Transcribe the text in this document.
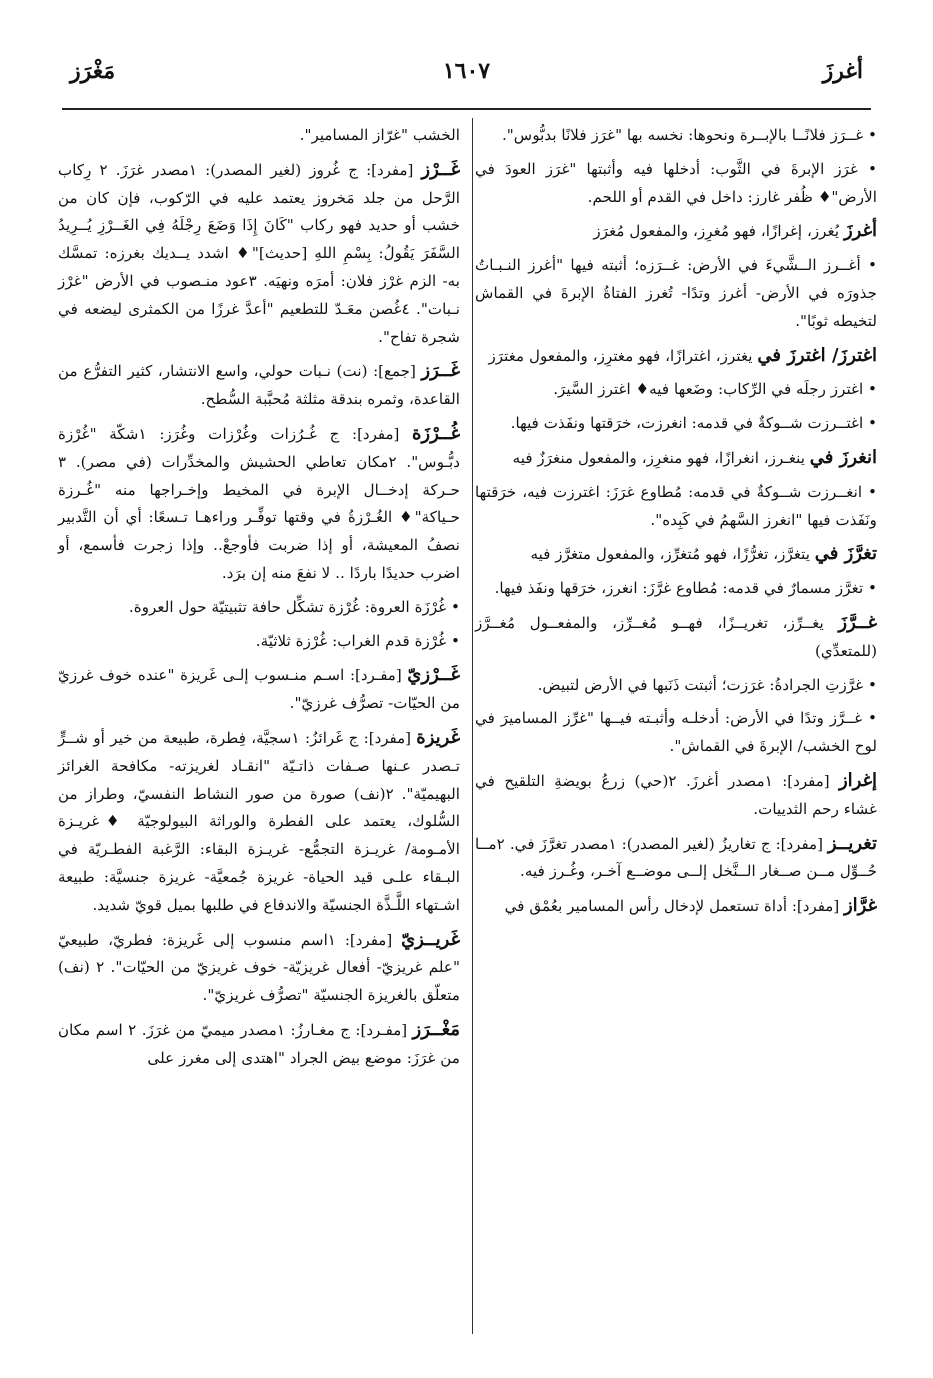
أغرزَ
١٦٠٧
مَغْرَز

• غــرَز فلانًــا بالإبــرة ونحوها: نخسه بها "غرَز فلانًا بدبُّوس".

• غرَز الإبرةَ في الثَّوب: أدخلها فيه وأثبتها "غرَز العودَ في الأرض"♦ ظُفر غارز: داخل في القدم أو اللحم.

أغرزَ يُغرز، إغرازًا، فهو مُغرِز، والمفعول مُغرَز

• أغــرز الــشَّيءَ في الأرض: غــرَزه؛ أثبته فيها "أغرز النـبـاتُ جذورَه في الأرض- أغرز وتدًا- تُغرز الفتاةُ الإبرةَ في القماش لتخيطه ثوبًا".

اغترزَ/ اغترزَ في يغترز، اغترازًا، فهو مغترِز، والمفعول مغترَز

• اغترز رجلَه في الرِّكاب: وضَعها فيه♦ اغترز السَّيرَ.

• اغتــرزت شــوكةٌ في قدمه: انغرزت، خرَقتها ونفَذت فيها.

انغرزَ في ينغـرز، انغرازًا، فهو منغرِز، والمفعول منغرَزٌ فيه

• انغــرزت شــوكةٌ في قدمه: مُطاوع غرَزَ: اغترزت فيه، خرَقتها ونَفَذت فيها "انغرز السَّهمُ في كَبِده".

تغرَّزَ في يتغرَّز، تغرُّزًا، فهو مُتغرِّز، والمفعول متغرَّز فيه

• تغرَّز مسمارٌ في قدمه: مُطاوع غرَّزَ: انغرز، خرَقها ونفَذ فيها.

غــرَّزَ يغــرِّز، تغريــزًا، فهــو مُغــرِّز، والمفعــول مُغــرَّز (للمتعدِّي)

• غرَّزتِ الجرادةُ: غرَزت؛ أثبتت ذَنَبها في الأرض لتبيض.

• غــرَّز وتدًا في الأرض: أدخلـه وأثبـته فيــها "غرِّز المساميرَ في لوح الخشب/ الإبرةَ في القماش".

إغراز [مفرد]: ١مصدر أغرزَ. ٢(حي) زرعُ بويضةِ التلقيح في غشاء رحم الثدييات.

تغريــز [مفرد]: ج تغاريزُ (لغير المصدر): ١مصدر تغرَّزَ في. ٢مــا حُــوِّل مــن صــغار الــنَّخل إلــى موضــع آخـر، وغُـرز فيه.

غرَّاز [مفرد]: أداة تستعمل لإدخال رأس المسامير بعُمْق في

الخشب "غرّاز المسامير".

غَــرْز [مفرد]: ج غُروز (لغير المصدر): ١مصدر غرَزَ. ٢ رِكاب الرَّحل من جلد مَخروز يعتمد عليه في الرّكوب، فإن كان من خشب أو حديد فهو ركاب "كَانَ إِذَا وَضَعَ رِجْلَهُ فِي الغَــرْزِ يُــرِيدُ السَّفَرَ يَقُولُ: بِسْمِ اللهِ [حديث]"♦ اشدد يــديك بغرزه: تمسَّك به- الزم غرْز فلان: أمرَه ونهيَه. ٣عود منـصوب في الأرض "غرْز نـبات". ٤غُصن معَـدّ للتطعيم "أعدَّ غرزًا من الكمثرى ليضعه في شجرة تفاح".

غَــرَز [جمع]: (نت) نـبات حولي، واسع الانتشار، كثير التفرُّع من القاعدة، وثمره بندقة مثلثة مُحبَّبة السُّطح.

غُــرْزَة [مفرد]: ج غُـرُزات وغُرْزات وغُرَز: ١شكّة "غُرْزة دبُّـوس". ٢مكان تعاطي الحشيش والمخدِّرات (في مصر). ٣ حـركة إدخــال الإبرة في المخيط وإخـراجها منه "غُـرزة حـياكة"♦ الغُـرْزةُ في وقتها توفِّـر وراءهـا تـسعًا: أي أن التَّدبير نصفُ المعيشة، أو إذا ضربت فأوجعْ.. وإذا زجرت فأسمع، أو اضرب حديدًا باردًا .. لا نفعَ منه إن برَد.

• غُرْزَة العروة: غُرْزة تشكِّل حافة تثبيتيّة حول العروة.

• غُرْزة قدم الغراب: غُرْزة ثلاثيّة.

غَــرْزيّ [مفـرد]: اسـم منـسوب إلـى غَريزة "عنده خوف غرزيّ من الحيّات- تصرُّف غرزيّ".

غَريزة [مفرد]: ج غَرائزُ: ١سجيَّة، فِطرة، طبيعة من خير أو شــرٍّ تـصدر عـنها صـفات ذاتـيّة "انقـاد لغريزته- مكافحة الغرائز البهيميّة". ٢(نف) صورة من صور النشاط النفسيّ، وطراز من السُّلوك، يعتمد على الفطرة والوراثة البيولوجيّة ♦غريـزة الأمـومة/ غريـزة التجمُّع- غريـزة البقاء: الرَّغبة الفطـريّة في البـقاء علـى قيد الحياة- غريزة جُمعيَّة- غريزة جنسيَّة: طبيعة اشـتهاء اللَّـذَّة الجنسيّة والاندفاع في طلبها بميل قويّ شديد.

غَريــزيّ [مفرد]: ١اسم منسوب إلى غَريزة: فطريّ، طبيعيّ "علم غريزيّ- أفعال غريزيّة- خوف غريزيّ من الحيّات". ٢ (نف) متعلّق بالغريزة الجنسيّة "تصرُّف غريزيّ".

مَغْــرَز [مفـرد]: ج مغـارزُ: ١مصدر ميميّ من غرَزَ. ٢ اسم مكان من غرَزَ: موضع بيض الجراد "اهتدى إلى مغرز على
